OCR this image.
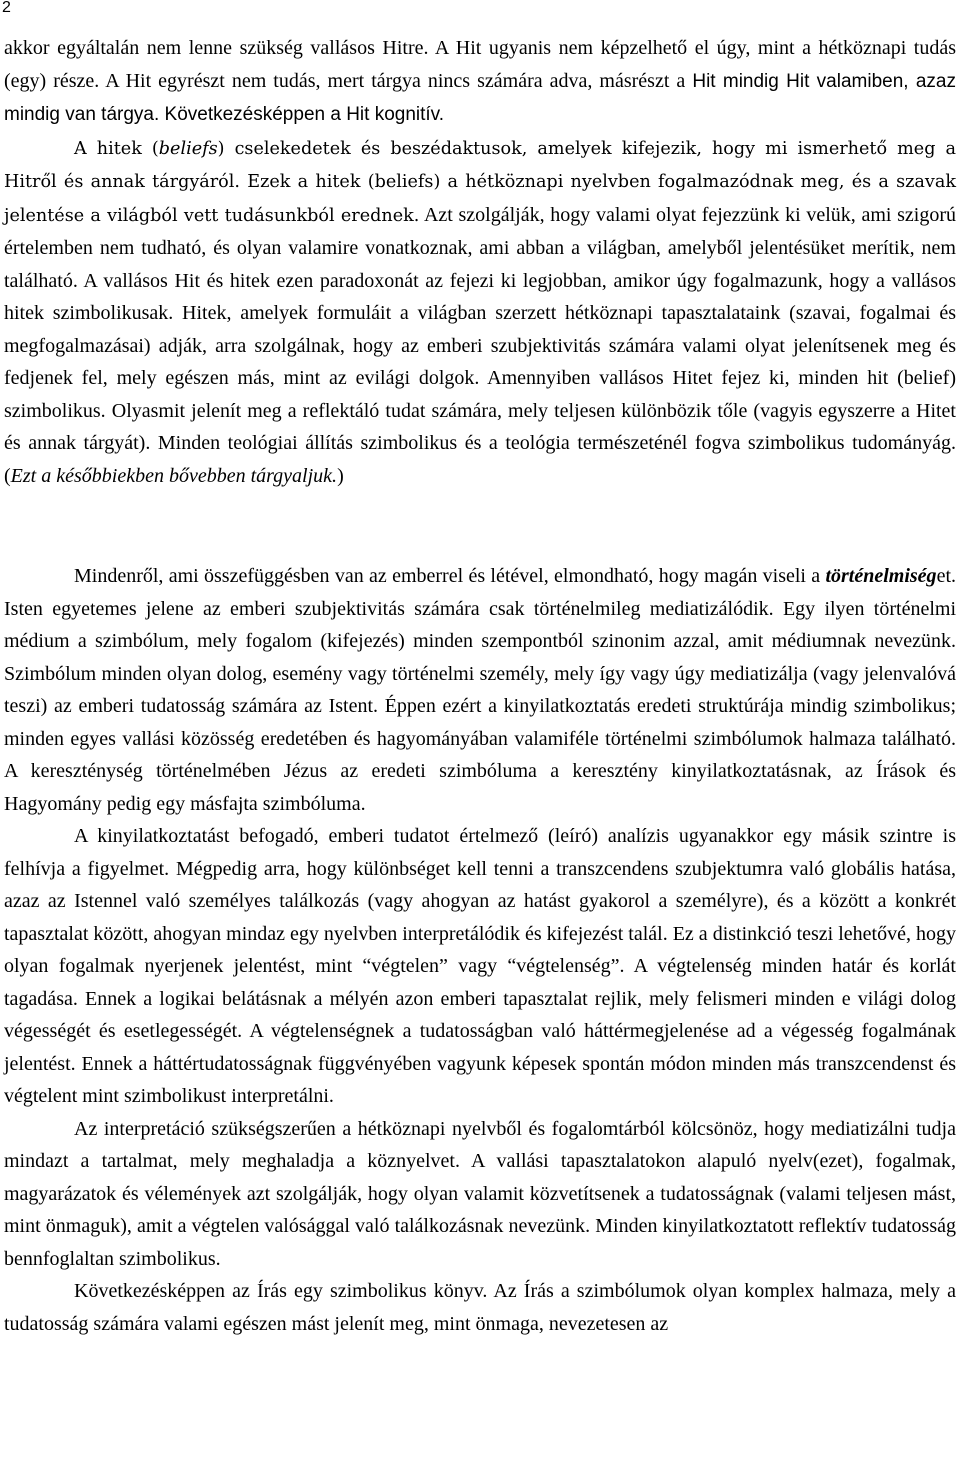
2

akkor egyáltalán nem lenne szükség vallásos Hitre. A Hit ugyanis nem képzelhető el úgy, mint a hétköznapi tudás (egy) része. A Hit egyrészt nem tudás, mert tárgya nincs számára adva, másrészt a Hit mindig Hit valamiben, azaz mindig van tárgya. Következésképpen a Hit kognitív.

A hitek (beliefs) cselekedetek és beszédaktusok, amelyek kifejezik, hogy mi ismerhető meg a Hitről és annak tárgyáról. Ezek a hitek (beliefs) a hétköznapi nyelvben fogalmazódnak meg, és a szavak jelentése a világból vett tudásunkból erednek. Azt szolgálják, hogy valami olyat fejezzünk ki velük, ami szigorú értelemben nem tudható, és olyan valamire vonatkoznak, ami abban a világban, amelyből jelentésüket merítik, nem található. A vallásos Hit és hitek ezen paradoxonát az fejezi ki legjobban, amikor úgy fogalmazunk, hogy a vallásos hitek szimbolikusak. Hitek, amelyek formuláit a világban szerzett hétköznapi tapasztalataink (szavai, fogalmai és megfogalmazásai) adják, arra szolgálnak, hogy az emberi szubjektivitás számára valami olyat jelenítsenek meg és fedjenek fel, mely egészen más, mint az evilági dolgok. Amennyiben vallásos Hitet fejez ki, minden hit (belief) szimbolikus. Olyasmit jelenít meg a reflektáló tudat számára, mely teljesen különbözik tőle (vagyis egyszerre a Hitet és annak tárgyát). Minden teológiai állítás szimbolikus és a teológia természeténél fogva szimbolikus tudományág. (Ezt a későbbiekben bővebben tárgyaljuk.)

Mindenről, ami összefüggésben van az emberrel és létével, elmondható, hogy magán viseli a történelmiséget. Isten egyetemes jelene az emberi szubjektivitás számára csak történelmileg mediatizálódik. Egy ilyen történelmi médium a szimbólum, mely fogalom (kifejezés) minden szempontból szinonim azzal, amit médiumnak nevezünk. Szimbólum minden olyan dolog, esemény vagy történelmi személy, mely így vagy úgy mediatizálja (vagy jelenvalóvá teszi) az emberi tudatosság számára az Istent. Éppen ezért a kinyilatkoztatás eredeti struktúrája mindig szimbolikus; minden egyes vallási közösség eredetében és hagyományában valamiféle történelmi szimbólumok halmaza található. A kereszténység történelmében Jézus az eredeti szimbóluma a keresztény kinyilatkoztatásnak, az Írások és Hagyomány pedig egy másfajta szimbóluma.

A kinyilatkoztatást befogadó, emberi tudatot értelmező (leíró) analízis ugyanakkor egy másik szintre is felhívja a figyelmet. Mégpedig arra, hogy különbséget kell tenni a transzcendens szubjektumra való globális hatása, azaz az Istennel való személyes találkozás (vagy ahogyan az hatást gyakorol a személyre), és a között a konkrét tapasztalat között, ahogyan mindaz egy nyelvben interpretálódik és kifejezést talál. Ez a distinkció teszi lehetővé, hogy olyan fogalmak nyerjenek jelentést, mint “végtelen” vagy “végtelenség”. A végtelenség minden határ és korlát tagadása. Ennek a logikai belátásnak a mélyén azon emberi tapasztalat rejlik, mely felismeri minden e világi dolog végességét és esetlegességét. A végtelenségnek a tudatosságban való háttérmegjelenése ad a végesség fogalmának jelentést. Ennek a háttértudatosságnak függvényében vagyunk képesek spontán módon minden más transzcendenst és végtelent mint szimbolikust interpretálni.

Az interpretáció szükségszerűen a hétköznapi nyelvből és fogalomtárból kölcsönöz, hogy mediatizálni tudja mindazt a tartalmat, mely meghaladja a köznyelvet. A vallási tapasztalatokon alapuló nyelv(ezet), fogalmak, magyarázatok és vélemények azt szolgálják, hogy olyan valamit közvetítsenek a tudatosságnak (valami teljesen mást, mint önmaguk), amit a végtelen valósággal való találkozásnak nevezünk. Minden kinyilatkoztatott reflektív tudatosság bennfoglaltan szimbolikus.

Következésképpen az Írás egy szimbolikus könyv. Az Írás a szimbólumok olyan komplex halmaza, mely a tudatosság számára valami egészen mást jelenít meg, mint önmaga, nevezetesen az
